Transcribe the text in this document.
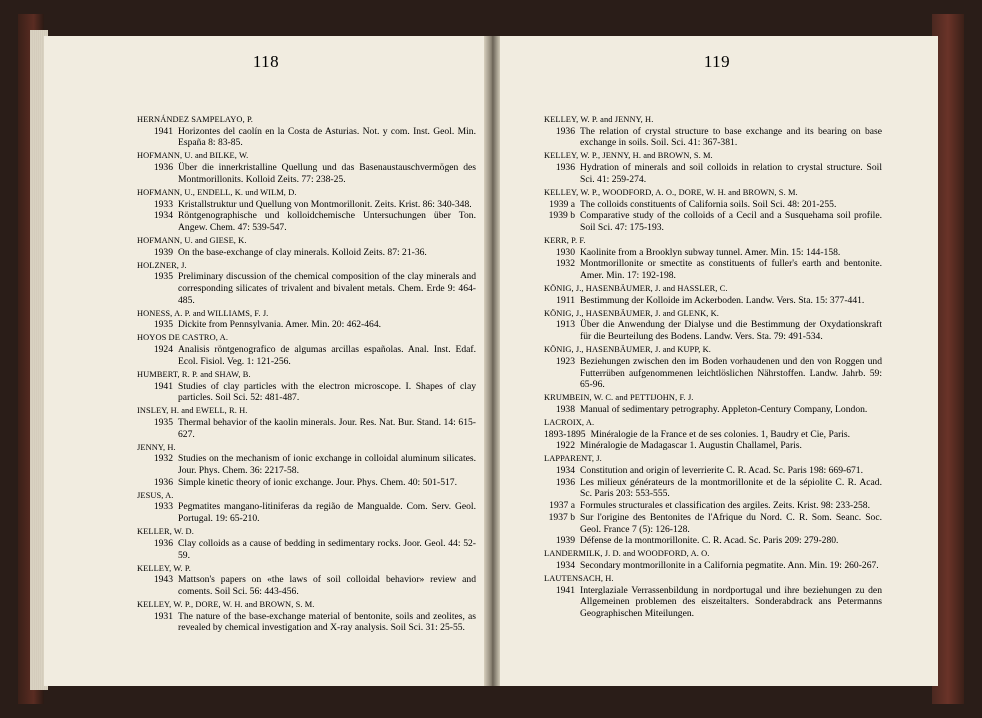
118	119
HERNÁNDEZ SAMPELAYO, P.
1941 Horizontes del caolín en la Costa de Asturias. Not. y com. Inst. Geol. Min. España 8: 83-85.
HOFMANN, U. and BILKE, W.
1936 Über die innerkristalline Quellung und das Basenaustauschvermögen des Montmorillonits. Kolloid Zeits. 77: 238-25.
HOFMANN, U., ENDELL, K. und WILM, D.
1933 Kristallstruktur und Quellung von Montmorillonit. Zeits. Krist. 86: 340-348.
1934 Röntgenographische und kolloidchemische Untersuchungen über Ton. Angew. Chem. 47: 539-547.
HOFMANN, U. and GIESE, K.
1939 On the base-exchange of clay minerals. Kolloid Zeits. 87: 21-36.
HOLZNER, J.
1935 Preliminary discussion of the chemical composition of the clay minerals and corresponding silicates of trivalent and bivalent metals. Chem. Erde 9: 464-485.
HONESS, A. P. and WILLIAMS, F. J.
1935 Dickite from Pennsylvania. Amer. Min. 20: 462-464.
HOYOS DE CASTRO, A.
1924 Analisis röntgenografico de algumas arcillas españolas. Anal. Inst. Edaf. Ecol. Fisiol. Veg. 1: 121-256.
HUMBERT, R. P. and SHAW, B.
1941 Studies of clay particles with the electron microscope. I. Shapes of clay particles. Soil Sci. 52: 481-487.
INSLEY, H. and EWELL, R. H.
1935 Thermal behavior of the kaolin minerals. Jour. Res. Nat. Bur. Stand. 14: 615-627.
JENNY, H.
1932 Studies on the mechanism of ionic exchange in colloidal aluminum silicates. Jour. Phys. Chem. 36: 2217-58.
1936 Simple kinetic theory of ionic exchange. Jour. Phys. Chem. 40: 501-517.
JESUS, A.
1933 Pegmatites mangano-litiniferas da região de Mangualde. Com. Serv. Geol. Portugal. 19: 65-210.
KELLER, W. D.
1936 Clay colloids as a cause of bedding in sedimentary rocks. Joor. Geol. 44: 52-59.
KELLEY, W. P.
1943 Mattson's papers on «the laws of soil colloidal behavior» review and coments. Soil Sci. 56: 443-456.
KELLEY, W. P., DORE, W. H. and BROWN, S. M.
1931 The nature of the base-exchange material of bentonite, soils and zeolites, as revealed by chemical investigation and X-ray analysis. Soil Sci. 31: 25-55.
KELLEY, W. P. and JENNY, H.
1936 The relation of crystal structure to base exchange and its bearing on base exchange in soils. Soil. Sci. 41: 367-381.
KELLEY, W. P., JENNY, H. and BROWN, S. M.
1936 Hydration of minerals and soil colloids in relation to crystal structure. Soil Sci. 41: 259-274.
KELLEY, W. P., WOODFORD, A. O., DORE, W. H. and BROWN, S. M.
1939 a The colloids constituents of California soils. Soil Sci. 48: 201-255.
1939 b Comparative study of the colloids of a Cecil and a Susquehama soil profile. Soil Sci. 47: 175-193.
KERR, P. F.
1930 Kaolinite from a Brooklyn subway tunnel. Amer. Min. 15: 144-158.
1932 Montmorillonite or smectite as constituents of fuller's earth and bentonite. Amer. Min. 17: 192-198.
KÖNIG, J., HASENBÄUMER, J. and HASSLER, C.
1911 Bestimmung der Kolloide im Ackerboden. Landw. Vers. Sta. 15: 377-441.
KÖNIG, J., HASENBÄUMER, J. and GLENK, K.
1913 Über die Anwendung der Dialyse und die Bestimmung der Oxydationskraft für die Beurteilung des Bodens. Landw. Vers. Sta. 79: 491-534.
KÖNIG, J., HASENBÄUMER, J. and KUPP, K.
1923 Beziehungen zwischen den im Boden vorhaudenen und den von Roggen und Futterrüben aufgenommenen leichtlöslichen Nährstoffen. Landw. Jahrb. 59: 65-96.
KRUMBEIN, W. C. and PETTIJOHN, F. J.
1938 Manual of sedimentary petrography. Appleton-Century Company, London.
LACROIX, A.
1893-1895 Minéralogie de la France et de ses colonies. 1, Baudry et Cie, Paris.
1922 Minéralogie de Madagascar 1. Augustin Challamel, Paris.
LAPPARENT, J.
1934 Constitution and origin of leverrierite C. R. Acad. Sc. Paris 198: 669-671.
1936 Les milieux générateurs de la montmorillonite et de la sépiolite C. R. Acad. Sc. Paris 203: 553-555.
1937 a Formules structurales et classification des argiles. Zeits. Krist. 98: 233-258.
1937 b Sur l'origine des Bentonites de l'Afrique du Nord. C. R. Som. Seanc. Soc. Geol. France 7 (5): 126-128.
1939 Défense de la montmorillonite. C. R. Acad. Sc. Paris 209: 279-280.
LANDERMILK, J. D. and WOODFORD, A. O.
1934 Secondary montmorillonite in a California pegmatite. Ann. Min. 19: 260-267.
LAUTENSACH, H.
1941 Interglaziale Verrassenbildung in nordportugal und ihre beziehungen zu den Allgemeinen problemen des eiszeitalters. Sonderabdrack ans Petermanns Geographischen Miteilungen.
